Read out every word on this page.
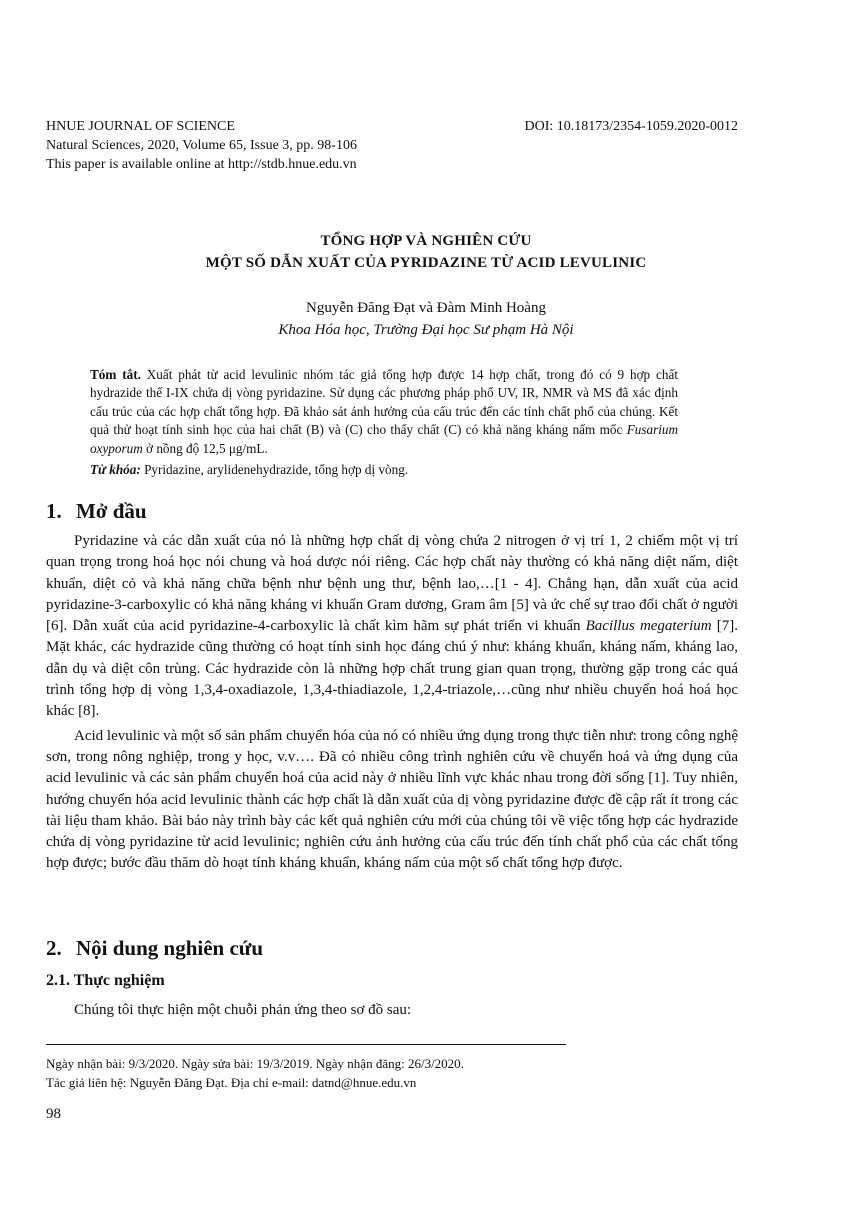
HNUE JOURNAL OF SCIENCE	DOI: 10.18173/2354-1059.2020-0012
Natural Sciences, 2020, Volume 65, Issue 3, pp. 98-106
This paper is available online at http://stdb.hnue.edu.vn
TỔNG HỢP VÀ NGHIÊN CỨU
MỘT SỐ DẪN XUẤT CỦA PYRIDAZINE TỪ ACID LEVULINIC
Nguyễn Đăng Đạt và Đàm Minh Hoàng
Khoa Hóa học, Trường Đại học Sư phạm Hà Nội

Tóm tắt. Xuất phát từ acid levulinic nhóm tác giả tổng hợp được 14 hợp chất, trong đó có 9 hợp chất hydrazide thế I-IX chứa dị vòng pyridazine. Sử dụng các phương pháp phổ UV, IR, NMR và MS đã xác định cấu trúc của các hợp chất tổng hợp. Đã khảo sát ảnh hưởng của cấu trúc đến các tính chất phổ của chúng. Kết quả thử hoạt tính sinh học của hai chất (B) và (C) cho thấy chất (C) có khả năng kháng nấm mốc Fusarium oxyporum ở nồng độ 12,5 μg/mL.

Từ khóa: Pyridazine, arylidenehydrazide, tổng hợp dị vòng.

1. Mở đầu

Pyridazine và các dẫn xuất của nó là những hợp chất dị vòng chứa 2 nitrogen ở vị trí 1, 2 chiếm một vị trí quan trọng trong hoá học nói chung và hoá dược nói riêng. Các hợp chất này thường có khả năng diệt nấm, diệt khuẩn, diệt cỏ và khả năng chữa bệnh như bệnh ung thư, bệnh lao,…[1 - 4]. Chẳng hạn, dẫn xuất của acid pyridazine-3-carboxylic có khả năng kháng vi khuẩn Gram dương, Gram âm [5] và ức chế sự trao đổi chất ở người [6]. Dẫn xuất của acid pyridazine-4-carboxylic là chất kìm hãm sự phát triển vi khuẩn Bacillus megaterium [7]. Mặt khác, các hydrazide cũng thường có hoạt tính sinh học đáng chú ý như: kháng khuẩn, kháng nấm, kháng lao, dẫn dụ và diệt côn trùng. Các hydrazide còn là những hợp chất trung gian quan trọng, thường gặp trong các quá trình tổng hợp dị vòng 1,3,4-oxadiazole, 1,3,4-thiadiazole, 1,2,4-triazole,…cũng như nhiều chuyển hoá hoá học khác [8].

Acid levulinic và một số sản phẩm chuyển hóa của nó có nhiều ứng dụng trong thực tiễn như: trong công nghệ sơn, trong nông nghiệp, trong y học, v.v…. Đã có nhiều công trình nghiên cứu về chuyển hoá và ứng dụng của acid levulinic và các sản phẩm chuyển hoá của acid này ở nhiều lĩnh vực khác nhau trong đời sống [1]. Tuy nhiên, hướng chuyển hóa acid levulinic thành các hợp chất là dẫn xuất của dị vòng pyridazine được đề cập rất ít trong các tài liệu tham khảo. Bài báo này trình bày các kết quả nghiên cứu mới của chúng tôi về việc tổng hợp các hydrazide chứa dị vòng pyridazine từ acid levulinic; nghiên cứu ảnh hưởng của cấu trúc đến tính chất phổ của các chất tổng hợp được; bước đầu thăm dò hoạt tính kháng khuẩn, kháng nấm của một số chất tổng hợp được.

2. Nội dung nghiên cứu
2.1. Thực nghiệm

Chúng tôi thực hiện một chuỗi phản ứng theo sơ đồ sau:

Ngày nhận bài: 9/3/2020. Ngày sửa bài: 19/3/2019. Ngày nhận đăng: 26/3/2020.
Tác giả liên hệ: Nguyễn Đăng Đạt. Địa chỉ e-mail: datnd@hnue.edu.vn
98
